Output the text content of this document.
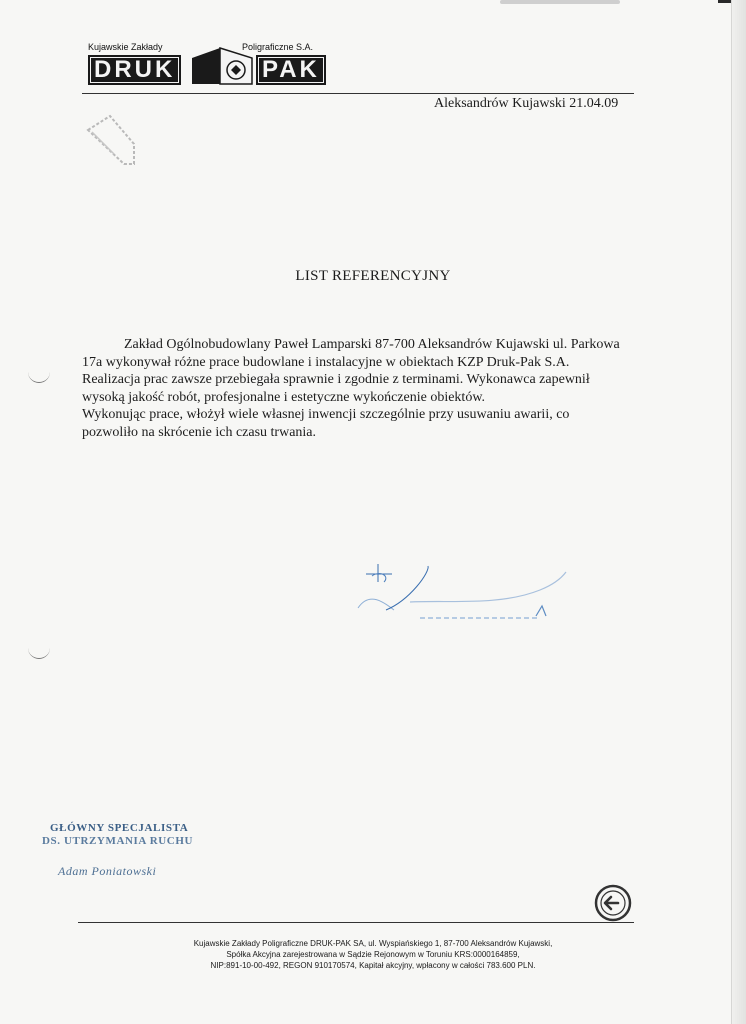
Kujawskie Zakłady	Poligraficzne S.A.
DRUK	PAK
Aleksandrów Kujawski 21.04.09
LIST REFERENCYJNY

Zakład Ogólnobudowlany Paweł Lamparski 87-700 Aleksandrów Kujawski ul. Parkowa 17a wykonywał różne prace budowlane i instalacyjne w obiektach KZP Druk-Pak S.A.

Realizacja prac zawsze przebiegała sprawnie i zgodnie z terminami. Wykonawca zapewnił wysoką jakość robót, profesjonalne i estetyczne wykończenie obiektów.

Wykonując prace, włożył wiele własnej inwencji szczególnie przy usuwaniu awarii, co pozwoliło na skrócenie ich czasu trwania.

GŁÓWNY SPECJALISTA
DS. UTRZYMANIA RUCHU
Adam Poniatowski
Kujawskie Zakłady Poligraficzne DRUK-PAK SA, ul. Wyspiańskiego 1, 87-700 Aleksandrów Kujawski,
Spółka Akcyjna zarejestrowana w Sądzie Rejonowym w Toruniu KRS:0000164859,
NIP:891-10-00-492, REGON 910170574, Kapitał akcyjny, wpłacony w całości 783.600 PLN.
